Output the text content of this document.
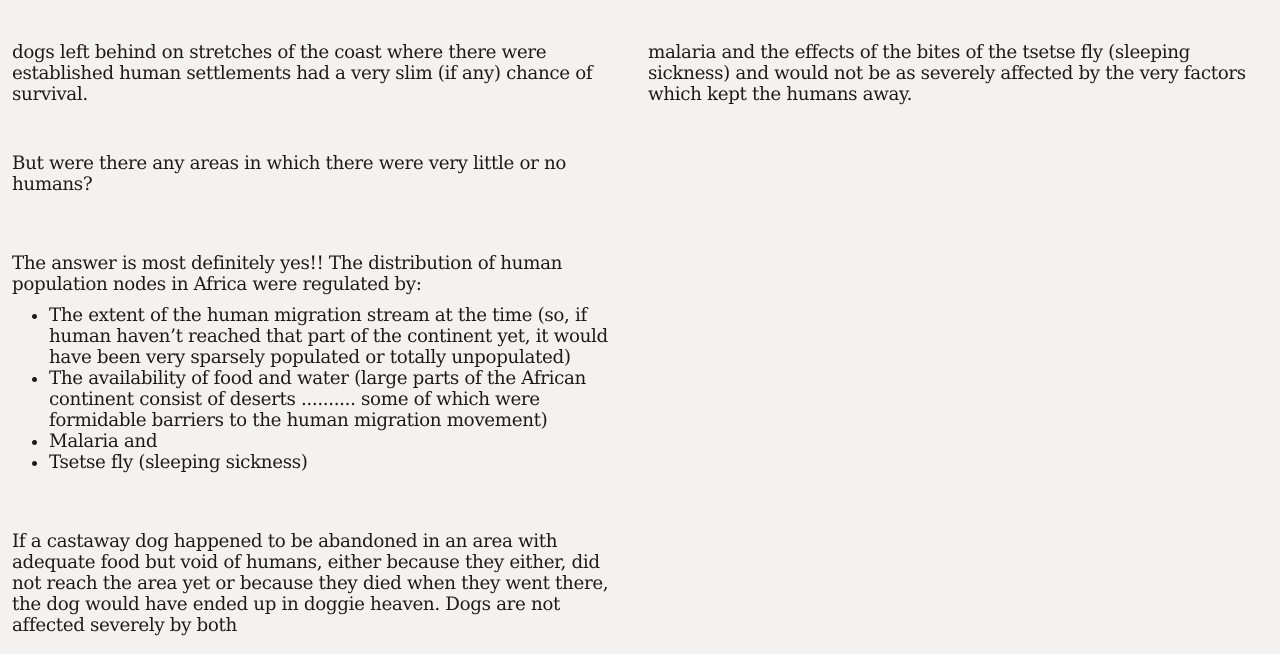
dogs left behind on stretches of the coast where there were established human settlements had a very slim (if any) chance of survival.

But were there any areas in which there were very little or no humans?

The answer is most definitely yes!! The distribution of human population nodes in Africa were regulated by:

• The extent of the human migration stream at the time (so, if human haven’t reached that part of the continent yet, it would have been very sparsely populated or totally unpopulated)
• The availability of food and water (large parts of the African continent consist of deserts .......... some of which were formidable barriers to the human migration movement)
• Malaria and
• Tsetse fly (sleeping sickness)

If a castaway dog happened to be abandoned in an area with adequate food but void of humans, either because they either, did not reach the area yet or because they died when they went there, the dog would have ended up in doggie heaven. Dogs are not affected severely by both

malaria and the effects of the bites of the tsetse fly (sleeping sickness) and would not be as severely affected by the very factors which kept the humans away.
